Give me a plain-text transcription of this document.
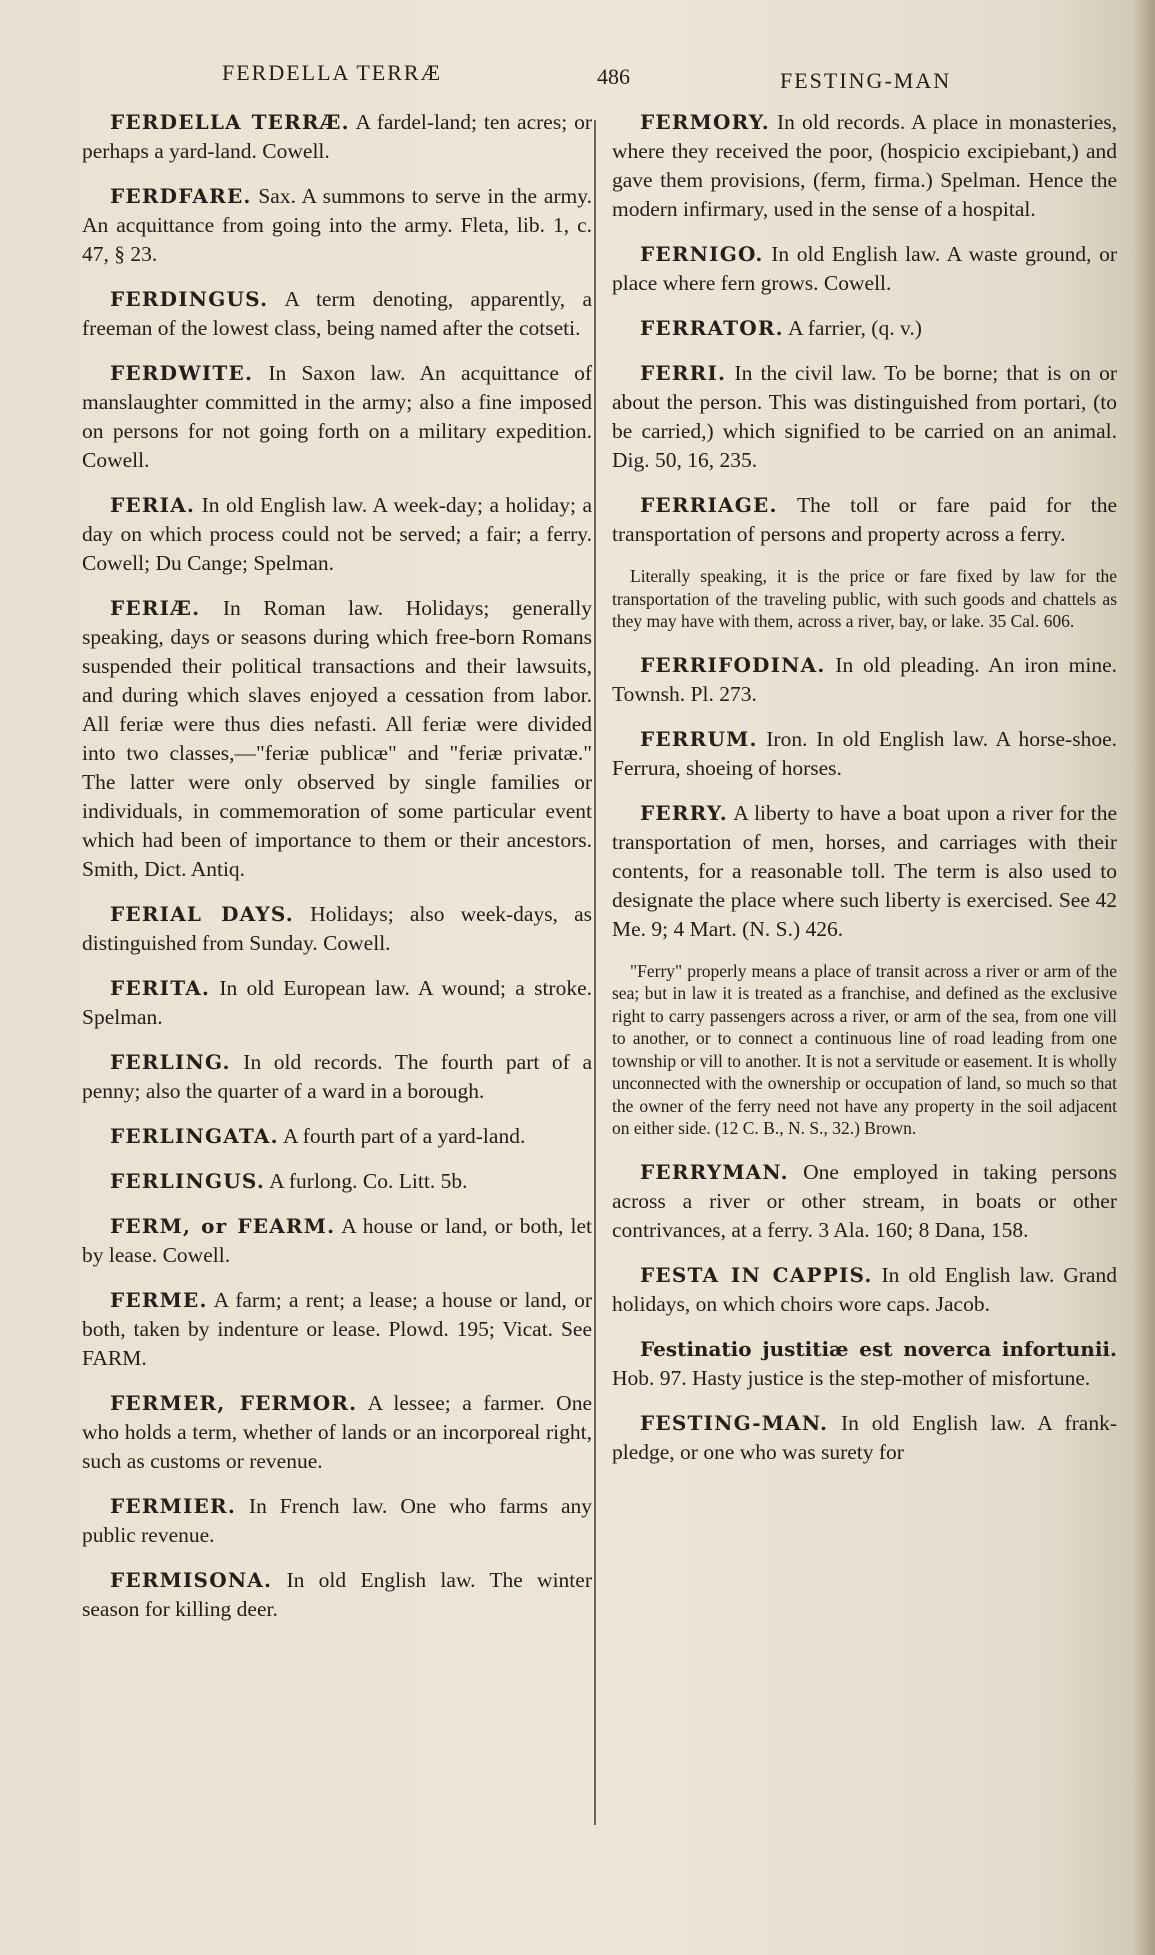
FERDELLA TERRÆ	486	FESTING-MAN

FERDELLA TERRÆ. A fardel-land; ten acres; or perhaps a yard-land. Cowell.

FERDFARE. Sax. A summons to serve in the army. An acquittance from going into the army. Fleta, lib. 1, c. 47, § 23.

FERDINGUS. A term denoting, apparently, a freeman of the lowest class, being named after the cotseti.

FERDWITE. In Saxon law. An acquittance of manslaughter committed in the army; also a fine imposed on persons for not going forth on a military expedition. Cowell.

FERIA. In old English law. A week-day; a holiday; a day on which process could not be served; a fair; a ferry. Cowell; Du Cange; Spelman.

FERIÆ. In Roman law. Holidays; generally speaking, days or seasons during which free-born Romans suspended their political transactions and their lawsuits, and during which slaves enjoyed a cessation from labor. All feriæ were thus dies nefasti. All feriæ were divided into two classes,—"feriæ publicæ" and "feriæ privatæ." The latter were only observed by single families or individuals, in commemoration of some particular event which had been of importance to them or their ancestors. Smith, Dict. Antiq.

FERIAL DAYS. Holidays; also week-days, as distinguished from Sunday. Cowell.

FERITA. In old European law. A wound; a stroke. Spelman.

FERLING. In old records. The fourth part of a penny; also the quarter of a ward in a borough.

FERLINGATA. A fourth part of a yard-land.

FERLINGUS. A furlong. Co. Litt. 5b.

FERM, or FEARM. A house or land, or both, let by lease. Cowell.

FERME. A farm; a rent; a lease; a house or land, or both, taken by indenture or lease. Plowd. 195; Vicat. See FARM.

FERMER, FERMOR. A lessee; a farmer. One who holds a term, whether of lands or an incorporeal right, such as customs or revenue.

FERMIER. In French law. One who farms any public revenue.

FERMISONA. In old English law. The winter season for killing deer.

FERMORY. In old records. A place in monasteries, where they received the poor, (hospicio excipiebant,) and gave them provisions, (ferm, firma.) Spelman. Hence the modern infirmary, used in the sense of a hospital.

FERNIGO. In old English law. A waste ground, or place where fern grows. Cowell.

FERRATOR. A farrier, (q. v.)

FERRI. In the civil law. To be borne; that is on or about the person. This was distinguished from portari, (to be carried,) which signified to be carried on an animal. Dig. 50, 16, 235.

FERRIAGE. The toll or fare paid for the transportation of persons and property across a ferry.

Literally speaking, it is the price or fare fixed by law for the transportation of the traveling public, with such goods and chattels as they may have with them, across a river, bay, or lake. 35 Cal. 606.

FERRIFODINA. In old pleading. An iron mine. Townsh. Pl. 273.

FERRUM. Iron. In old English law. A horse-shoe. Ferrura, shoeing of horses.

FERRY. A liberty to have a boat upon a river for the transportation of men, horses, and carriages with their contents, for a reasonable toll. The term is also used to designate the place where such liberty is exercised. See 42 Me. 9; 4 Mart. (N. S.) 426.

"Ferry" properly means a place of transit across a river or arm of the sea; but in law it is treated as a franchise, and defined as the exclusive right to carry passengers across a river, or arm of the sea, from one vill to another, or to connect a continuous line of road leading from one township or vill to another. It is not a servitude or easement. It is wholly unconnected with the ownership or occupation of land, so much so that the owner of the ferry need not have any property in the soil adjacent on either side. (12 C. B., N. S., 32.) Brown.

FERRYMAN. One employed in taking persons across a river or other stream, in boats or other contrivances, at a ferry. 3 Ala. 160; 8 Dana, 158.

FESTA IN CAPPIS. In old English law. Grand holidays, on which choirs wore caps. Jacob.

Festinatio justitiæ est noverca infortunii. Hob. 97. Hasty justice is the step-mother of misfortune.

FESTING-MAN. In old English law. A frank-pledge, or one who was surety for
